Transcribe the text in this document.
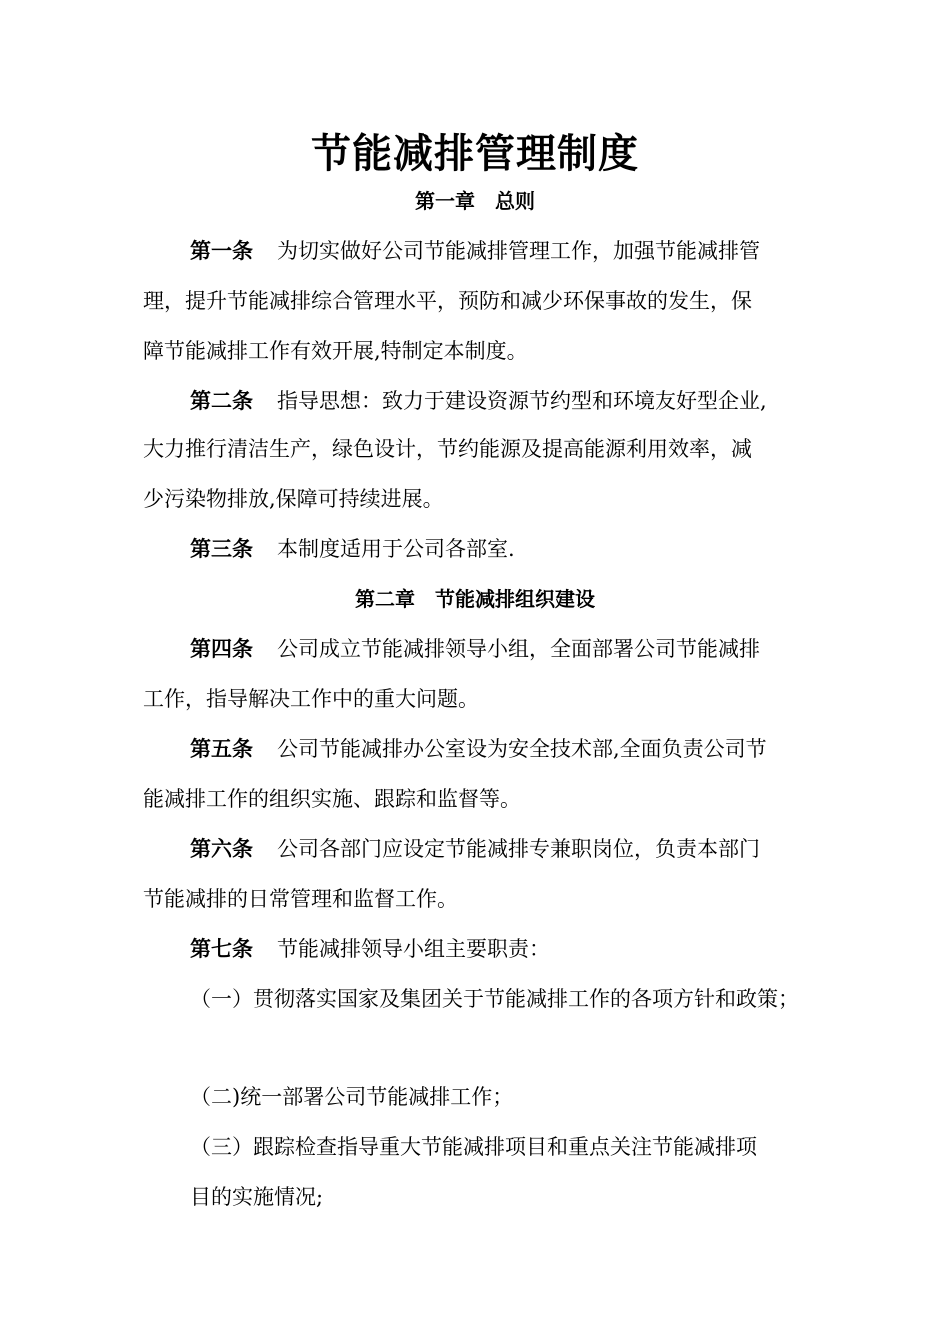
节能减排管理制度
第一章　总则
第一条 为切实做好公司节能减排管理工作，加强节能减排管
理，提升节能减排综合管理水平，预防和减少环保事故的发生，保
障节能减排工作有效开展,特制定本制度。
第二条 指导思想：致力于建设资源节约型和环境友好型企业,
大力推行清洁生产，绿色设计，节约能源及提高能源利用效率，减
少污染物排放,保障可持续进展。
第三条 本制度适用于公司各部室.
第二章　节能减排组织建设
第四条 公司成立节能减排领导小组，全面部署公司节能减排
工作，指导解决工作中的重大问题。
第五条 公司节能减排办公室设为安全技术部,全面负责公司节
能减排工作的组织实施、跟踪和监督等。
第六条 公司各部门应设定节能减排专兼职岗位，负责本部门
节能减排的日常管理和监督工作。
第七条 节能减排领导小组主要职责：
（一）贯彻落实国家及集团关于节能减排工作的各项方针和政策；
（二)统一部署公司节能减排工作；
（三）跟踪检查指导重大节能减排项目和重点关注节能减排项
目的实施情况;
